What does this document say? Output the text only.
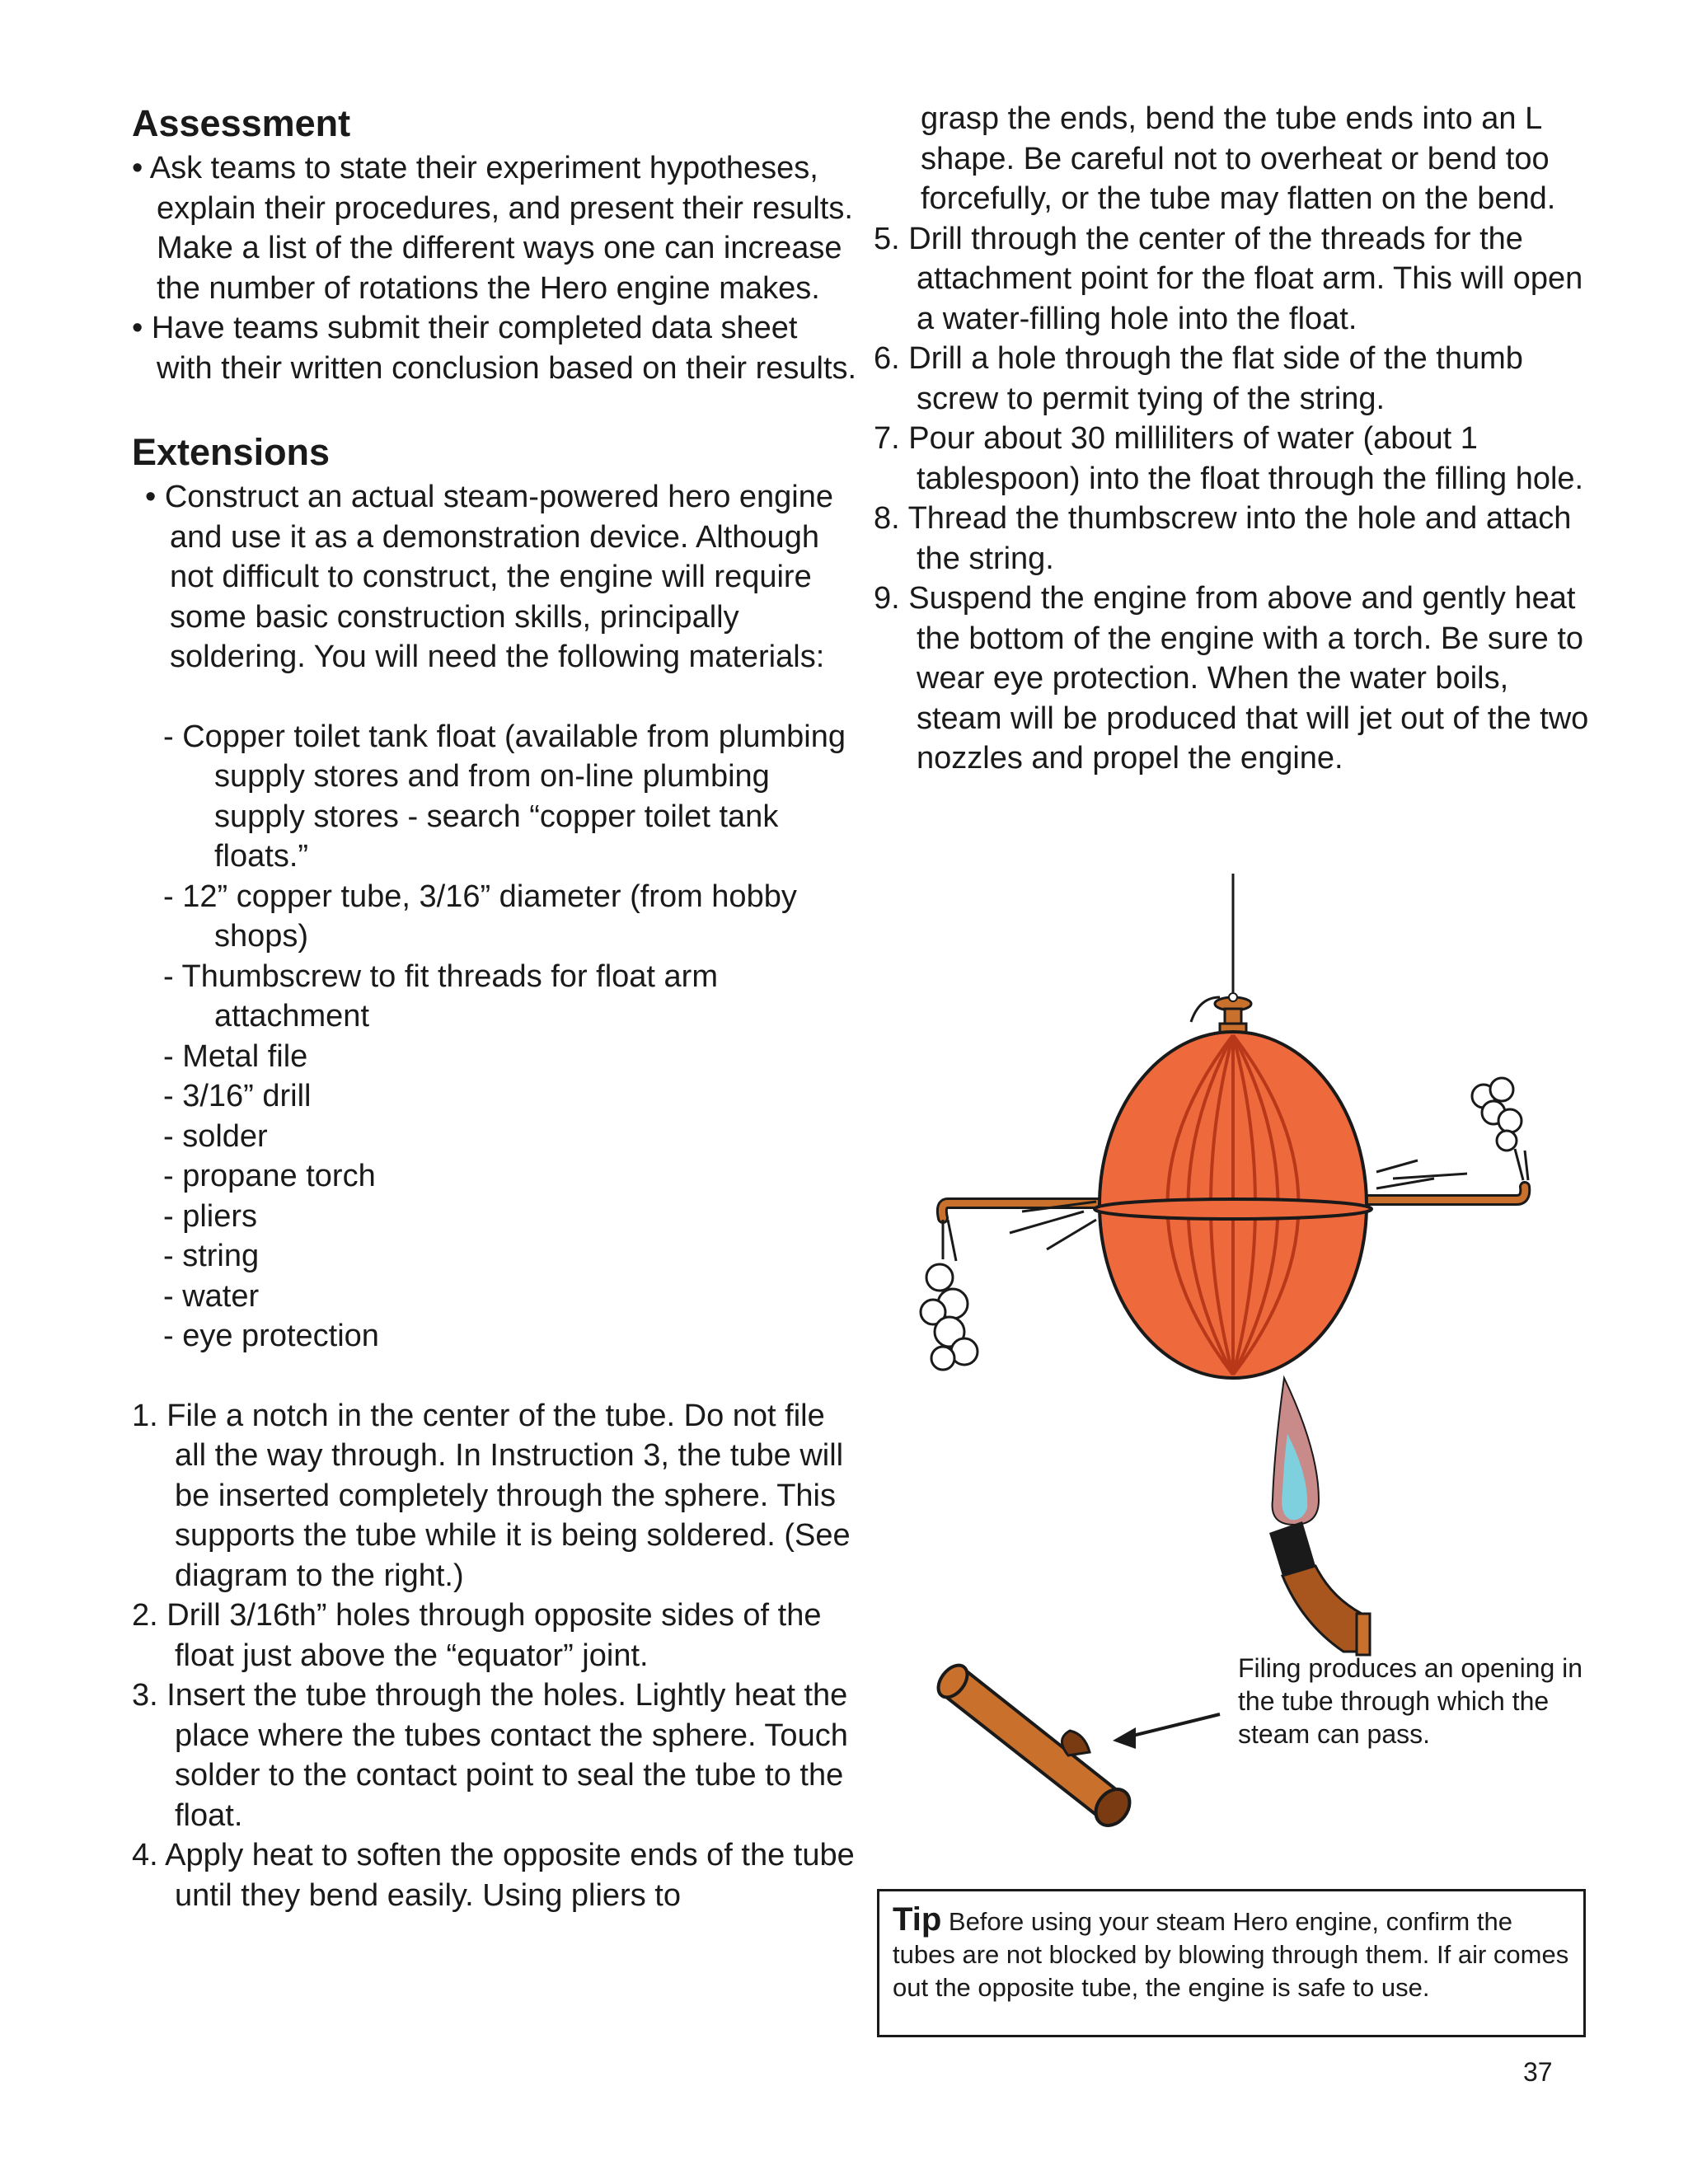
Assessment
• Ask teams to state their experiment hypotheses, explain their procedures, and present their results. Make a list of the different ways one can increase the number of rotations the Hero engine makes.
• Have teams submit their completed data sheet with their written conclusion based on their results.
Extensions
• Construct an actual steam-powered hero engine and use it as a demonstration device. Although not difficult to construct, the engine will require some basic construction skills, principally soldering. You will need the following materials:
- Copper toilet tank float (available from plumbing supply stores and from on-line plumbing supply stores - search “copper toilet tank floats.”
- 12” copper tube, 3/16” diameter (from hobby shops)
- Thumbscrew to fit threads for float arm attachment
- Metal file
- 3/16” drill
- solder
- propane torch
- pliers
- string
- water
- eye protection
1. File a notch in the center of the tube. Do not file all the way through. In Instruction 3, the tube will be inserted completely through the sphere. This supports the tube while it is being soldered. (See diagram to the right.)
2. Drill 3/16th” holes through opposite sides of the float just above the “equator” joint.
3. Insert the tube through the holes. Lightly heat the place where the tubes contact the sphere. Touch solder to the contact point to seal the tube to the float.
4. Apply heat to soften the opposite ends of the tube until they bend easily. Using pliers to
grasp the ends, bend the tube ends into an L shape. Be careful not to overheat or bend too forcefully, or the tube may flatten on the bend.
5. Drill through the center of the threads for the attachment point for the float arm. This will open a water-filling hole into the float.
6. Drill a hole through the flat side of the thumb screw to permit tying of the string.
7. Pour about 30 milliliters of water (about 1 tablespoon) into the float through the filling hole.
8. Thread the thumbscrew into the hole and attach the string.
9. Suspend the engine from above and gently heat the bottom of the engine with a torch. Be sure to wear eye protection. When the water boils, steam will be produced that will jet out of the two nozzles and propel the engine.
Filing produces an opening in the tube through which the steam can pass.
Tip Before using your steam Hero engine, confirm the tubes are not blocked by blowing through them. If air comes out the opposite tube, the engine is safe to use.
37
